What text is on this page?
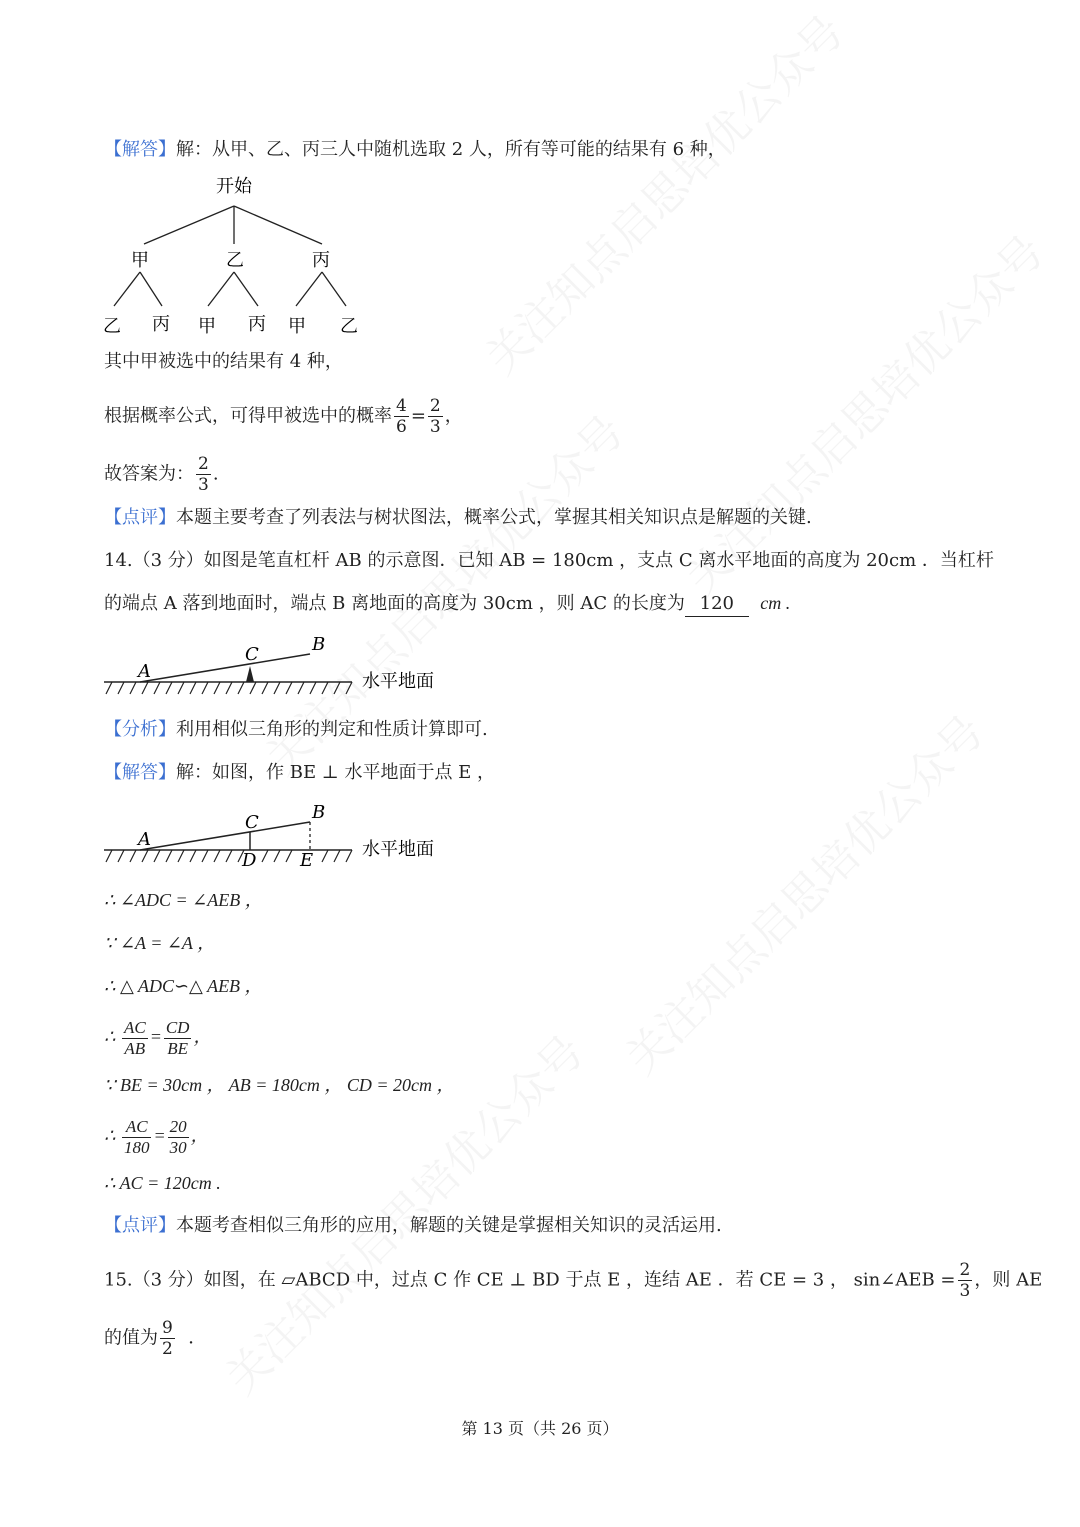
【解答】解：从甲、乙、丙三人中随机选取 2 人，所有等可能的结果有 6 种，
开始
甲	乙	丙
乙 丙 甲 丙 甲 乙
其中甲被选中的结果有 4 种，
根据概率公式，可得甲被选中的概率 $\frac{4}{6} = \frac{2}{3}$ ，
故答案为： $\frac{2}{3}$ .
【点评】本题主要考查了列表法与树状图法，概率公式，掌握其相关知识点是解题的关键.
14.（3 分）如图是笔直杠杆 AB 的示意图．已知 AB = 180cm ，支点 C 离水平地面的高度为 20cm ．当杠杆
的端点 A 落到地面时，端点 B 离地面的高度为 30cm ，则 AC 的长度为 120 cm .
A
C	B
水平地面
【分析】利用相似三角形的判定和性质计算即可.
【解答】解：如图，作 BE ⊥ 水平地面于点 E ，
A
C	B
D E
水平地面
∴ ∠ADC = ∠AEB ，
∵ ∠A = ∠A ，
∴ △ ADC∽△ AEB ，
∴ $\frac{AC}{AB} = \frac{CD}{BE}$ ，
∵ BE = 30cm ， AB = 180cm ， CD = 20cm ，
∴ $\frac{AC}{180} = \frac{20}{30}$ ，
∴ AC = 120cm .
【点评】本题考查相似三角形的应用，解题的关键是掌握相关知识的灵活运用.
15.（3 分）如图，在 ▱ABCD 中，过点 C 作 CE ⊥ BD 于点 E ，连结 AE ．若 CE = 3 ， sin∠AEB = $\frac{2}{3}$ ，则 AE
的值为 $\frac{9}{2}$ ．
第 13 页（共 26 页）
